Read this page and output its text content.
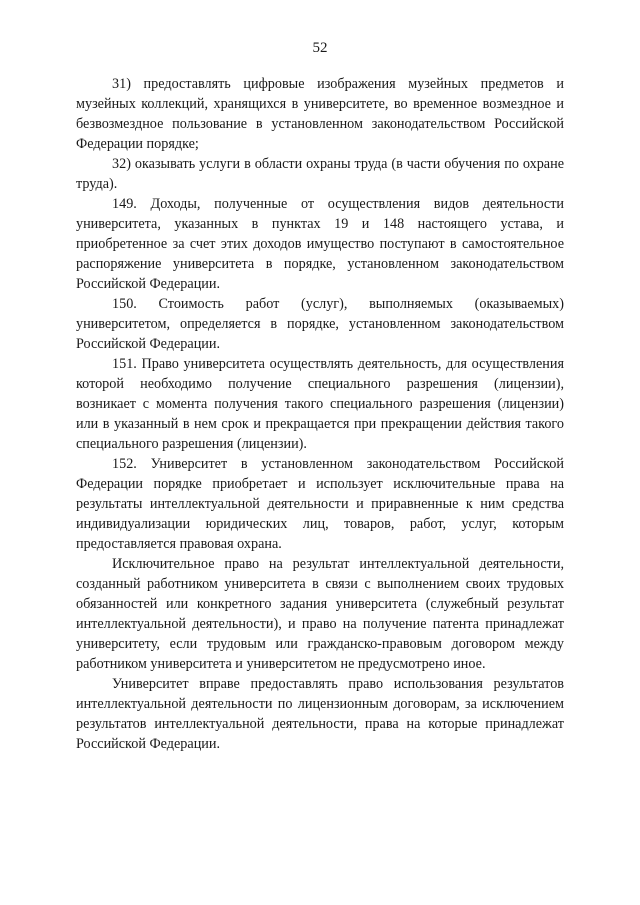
52

31) предоставлять цифровые изображения музейных предметов и музейных коллекций, хранящихся в университете, во временное возмездное и безвозмездное пользование в установленном законодательством Российской Федерации порядке;

32) оказывать услуги в области охраны труда (в части обучения по охране труда).

149. Доходы, полученные от осуществления видов деятельности университета, указанных в пунктах 19 и 148 настоящего устава, и приобретенное за счет этих доходов имущество поступают в самостоятельное распоряжение университета в порядке, установленном законодательством Российской Федерации.

150. Стоимость работ (услуг), выполняемых (оказываемых) университетом, определяется в порядке, установленном законодательством Российской Федерации.

151. Право университета осуществлять деятельность, для осуществления которой необходимо получение специального разрешения (лицензии), возникает с момента получения такого специального разрешения (лицензии) или в указанный в нем срок и прекращается при прекращении действия такого специального разрешения (лицензии).

152. Университет в установленном законодательством Российской Федерации порядке приобретает и использует исключительные права на результаты интеллектуальной деятельности и приравненные к ним средства индивидуализации юридических лиц, товаров, работ, услуг, которым предоставляется правовая охрана.

Исключительное право на результат интеллектуальной деятельности, созданный работником университета в связи с выполнением своих трудовых обязанностей или конкретного задания университета (служебный результат интеллектуальной деятельности), и право на получение патента принадлежат университету, если трудовым или гражданско-правовым договором между работником университета и университетом не предусмотрено иное.

Университет вправе предоставлять право использования результатов интеллектуальной деятельности по лицензионным договорам, за исключением результатов интеллектуальной деятельности, права на которые принадлежат Российской Федерации.
